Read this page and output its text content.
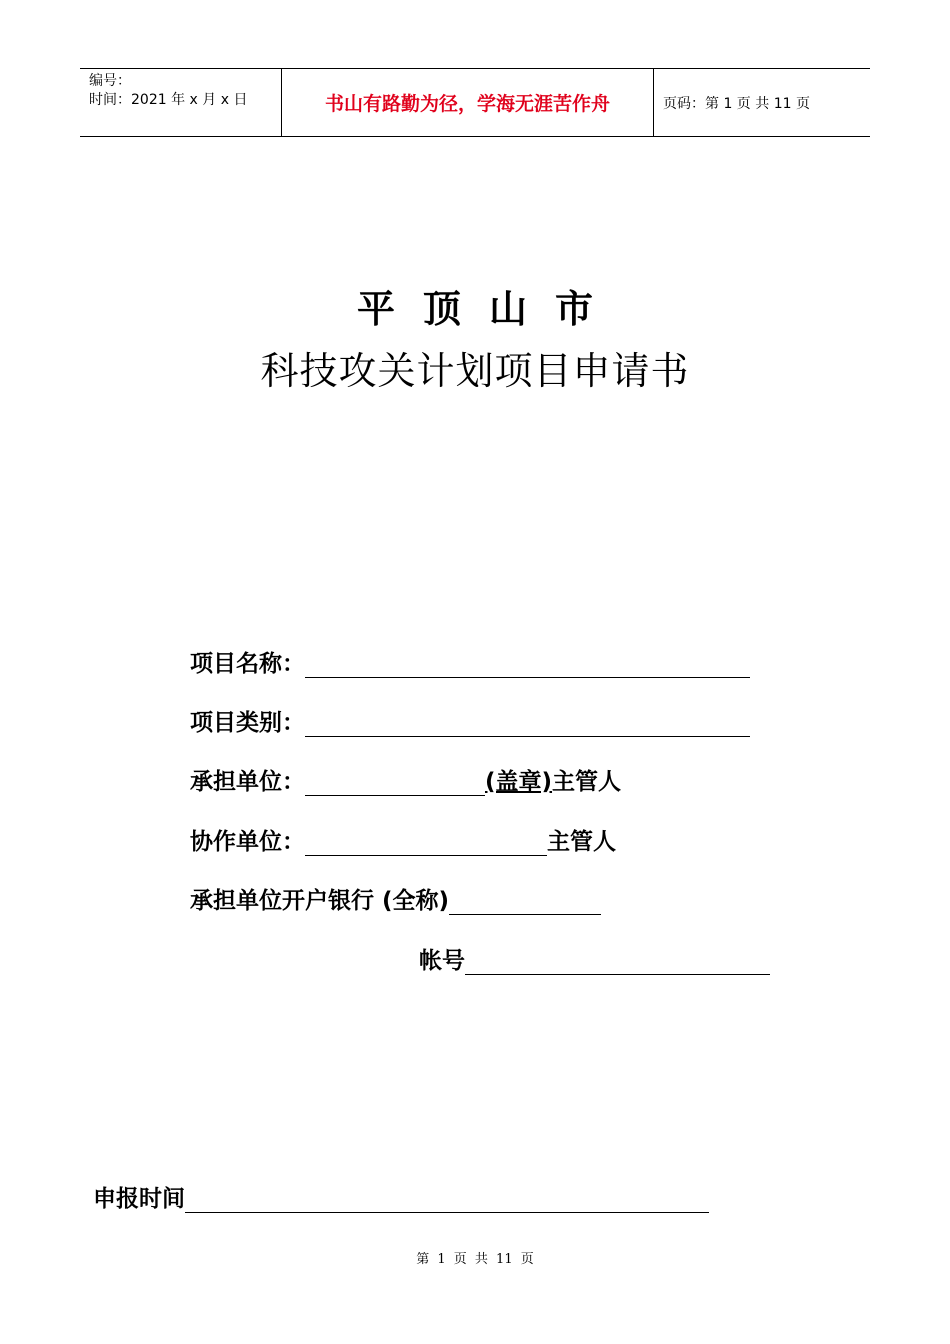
编号：
时间：2021 年 x 月 x 日	书山有路勤为径，学海无涯苦作舟	页码：第 1 页 共 11 页
平顶山市
科技攻关计划项目申请书
项目名称：
项目类别：
承担单位：	(盖章) 主管人
协作单位：	主管人
承担单位开户银行 (全称)
帐号
申报时间
第 1 页 共 11 页
